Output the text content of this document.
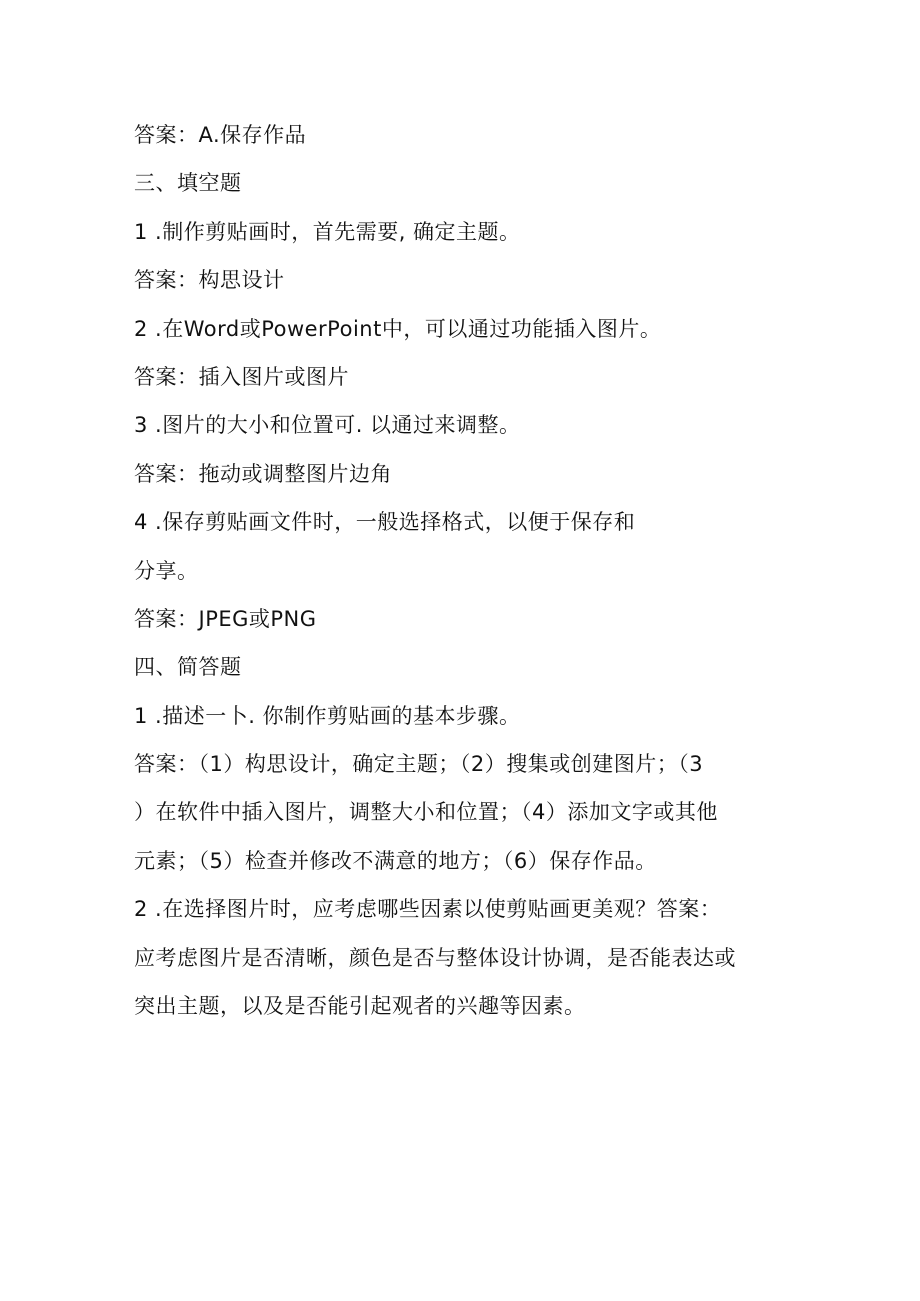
答案：A.保存作品
三、填空题
1 .制作剪贴画时，首先需要, 确定主题。
答案：构思设计
2 .在Word或PowerPoint中，可以通过功能插入图片。
答案：插入图片或图片
3 .图片的大小和位置可. 以通过来调整。
答案：拖动或调整图片边角
4 .保存剪贴画文件时，一般选择格式，以便于保存和
分享。
答案：JPEG或PNG
四、简答题
1 .描述一卜. 你制作剪贴画的基本步骤。
答案：（1）构思设计，确定主题；（2）搜集或创建图片；（3
）在软件中插入图片，调整大小和位置；（4）添加文字或其他
元素；（5）检查并修改不满意的地方；（6）保存作品。
2 .在选择图片时，应考虑哪些因素以使剪贴画更美观？答案：
应考虑图片是否清晰，颜色是否与整体设计协调，是否能表达或
突出主题，以及是否能引起观者的兴趣等因素。
